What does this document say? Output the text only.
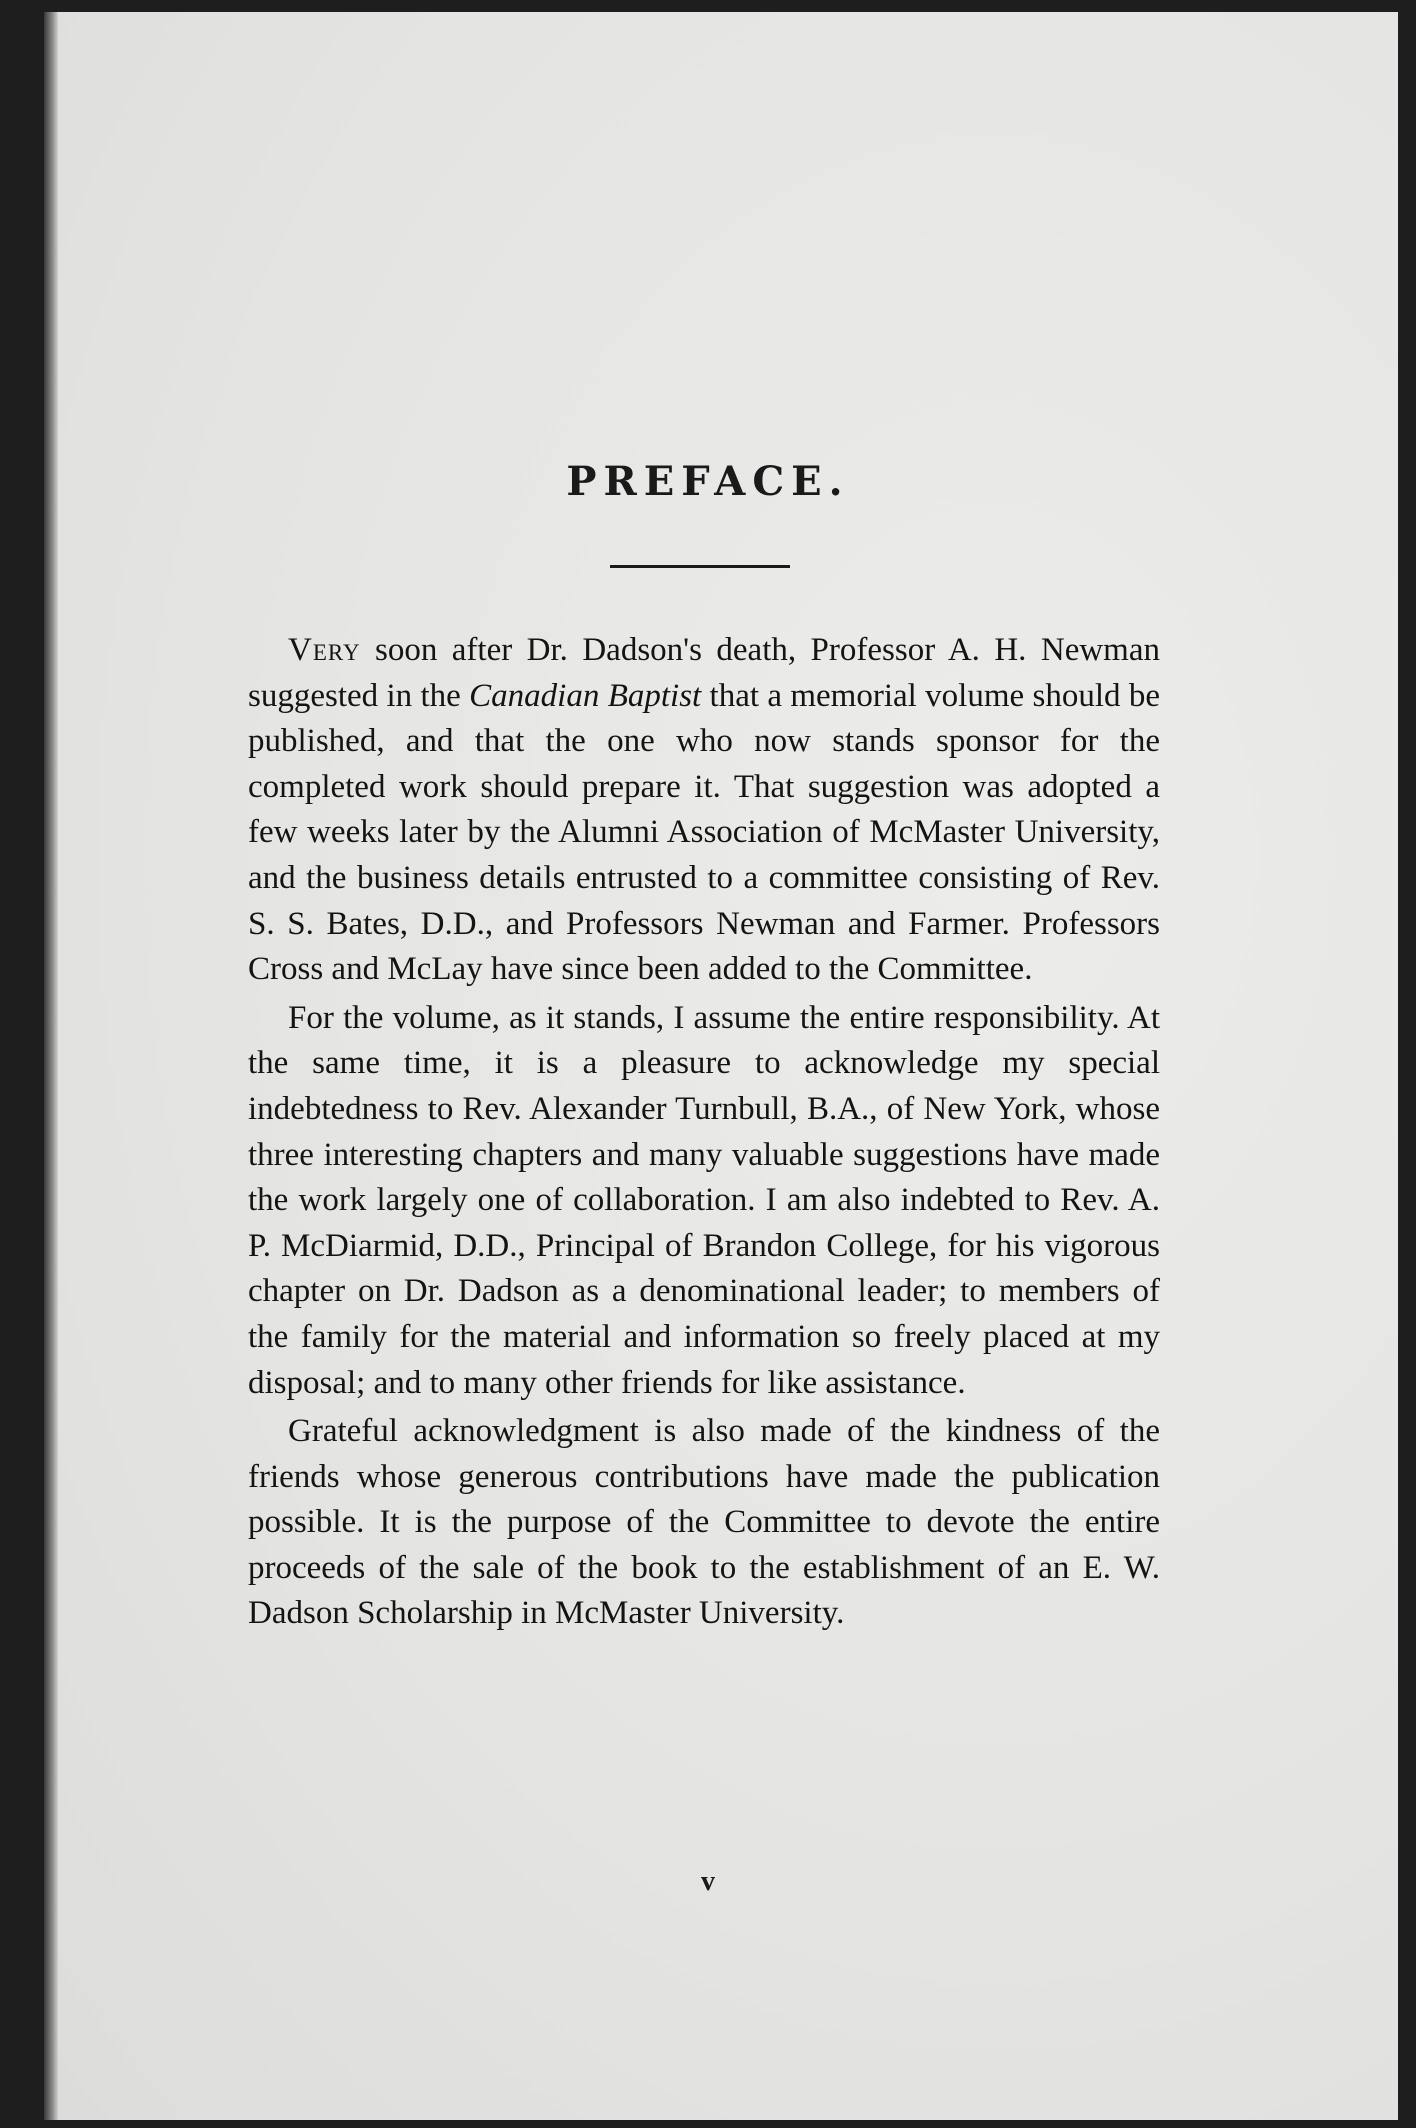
PREFACE.

Very soon after Dr. Dadson's death, Professor A. H. Newman suggested in the Canadian Baptist that a memorial volume should be published, and that the one who now stands sponsor for the completed work should prepare it. That suggestion was adopted a few weeks later by the Alumni Association of McMaster University, and the business details entrusted to a committee consisting of Rev. S. S. Bates, D.D., and Professors Newman and Farmer. Professors Cross and McLay have since been added to the Committee.

For the volume, as it stands, I assume the entire responsibility. At the same time, it is a pleasure to acknowledge my special indebtedness to Rev. Alexander Turnbull, B.A., of New York, whose three interesting chapters and many valuable suggestions have made the work largely one of collaboration. I am also indebted to Rev. A. P. McDiarmid, D.D., Principal of Brandon College, for his vigorous chapter on Dr. Dadson as a denominational leader; to members of the family for the material and information so freely placed at my disposal; and to many other friends for like assistance.

Grateful acknowledgment is also made of the kindness of the friends whose generous contributions have made the publication possible. It is the purpose of the Committee to devote the entire proceeds of the sale of the book to the establishment of an E. W. Dadson Scholarship in McMaster University.

v
